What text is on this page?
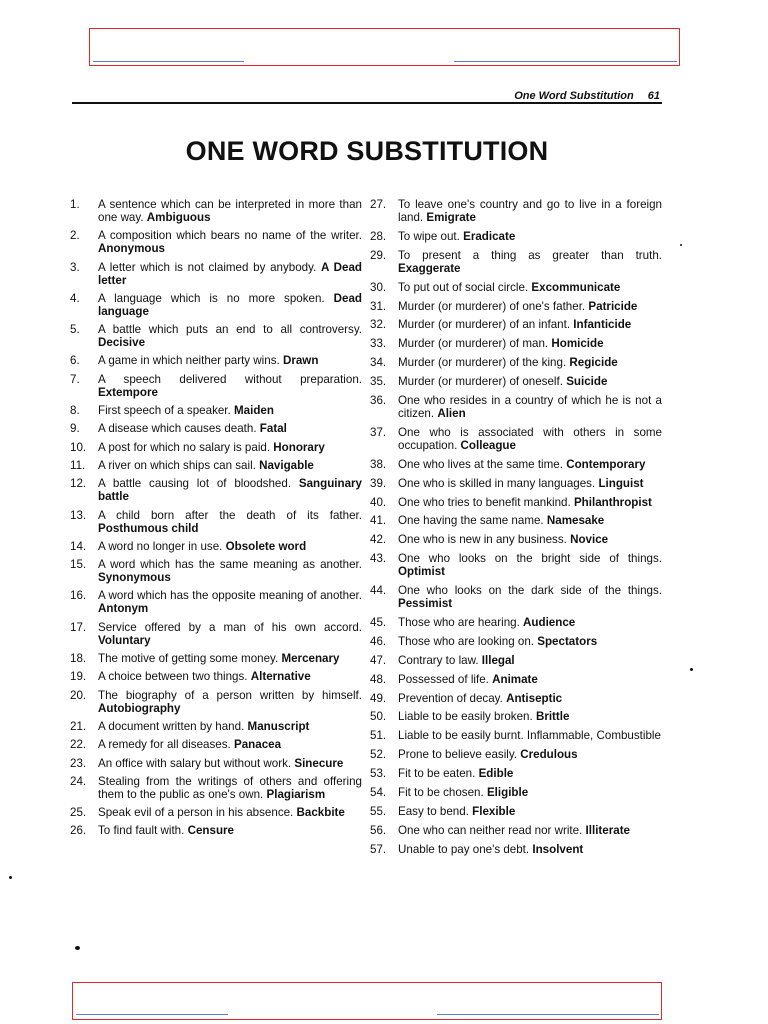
One Word Substitution 61
ONE WORD SUBSTITUTION
1.	A sentence which can be interpreted in more than one way. Ambiguous
2.	A composition which bears no name of the writer. Anonymous
3.	A letter which is not claimed by anybody. A Dead letter
4.	A language which is no more spoken. Dead language
5.	A battle which puts an end to all controversy. Decisive
6.	A game in which neither party wins. Drawn
7.	A speech delivered without preparation. Extempore
8.	First speech of a speaker. Maiden
9.	A disease which causes death. Fatal
10.	A post for which no salary is paid. Honorary
11.	A river on which ships can sail. Navigable
12.	A battle causing lot of bloodshed. Sanguinary battle
13.	A child born after the death of its father. Posthumous child
14.	A word no longer in use. Obsolete word
15.	A word which has the same meaning as another. Synonymous
16.	A word which has the opposite meaning of another. Antonym
17.	Service offered by a man of his own accord. Voluntary
18.	The motive of getting some money. Mercenary
19.	A choice between two things. Alternative
20.	The biography of a person written by himself. Autobiography
21.	A document written by hand. Manuscript
22.	A remedy for all diseases. Panacea
23.	An office with salary but without work. Sinecure
24.	Stealing from the writings of others and offering them to the public as one's own. Plagiarism
25.	Speak evil of a person in his absence. Backbite
26.	To find fault with. Censure
27.	To leave one's country and go to live in a foreign land. Emigrate
28.	To wipe out. Eradicate
29.	To present a thing as greater than truth. Exaggerate
30.	To put out of social circle. Excommunicate
31.	Murder (or murderer) of one's father. Patricide
32.	Murder (or murderer) of an infant. Infanticide
33.	Murder (or murderer) of man. Homicide
34.	Murder (or murderer) of the king. Regicide
35.	Murder (or murderer) of oneself. Suicide
36.	One who resides in a country of which he is not a citizen. Alien
37.	One who is associated with others in some occupation. Colleague
38.	One who lives at the same time. Contemporary
39.	One who is skilled in many languages. Linguist
40.	One who tries to benefit mankind. Philanthropist
41.	One having the same name. Namesake
42.	One who is new in any business. Novice
43.	One who looks on the bright side of things. Optimist
44.	One who looks on the dark side of the things. Pessimist
45.	Those who are hearing. Audience
46.	Those who are looking on. Spectators
47.	Contrary to law. Illegal
48.	Possessed of life. Animate
49.	Prevention of decay. Antiseptic
50.	Liable to be easily broken. Brittle
51.	Liable to be easily burnt. Inflammable, Combustible
52.	Prone to believe easily. Credulous
53.	Fit to be eaten. Edible
54.	Fit to be chosen. Eligible
55.	Easy to bend. Flexible
56.	One who can neither read nor write. Illiterate
57.	Unable to pay one's debt. Insolvent
